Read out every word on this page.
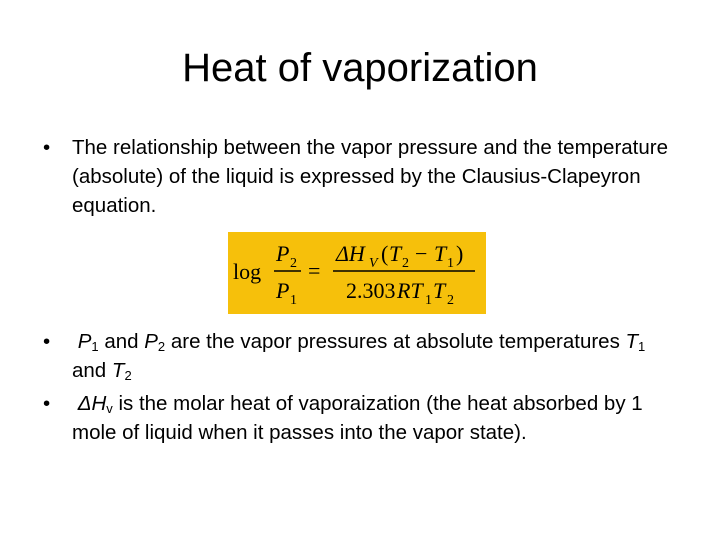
Heat of vaporization
•	The relationship between the vapor pressure and the temperature (absolute) of the liquid is expressed by the Clausius-Clapeyron equation.
log
P 2
P 1
=
ΔH V ( T 2 − T 1 )
2.303 RT 1 T 2
•	$P_1$ and $P_2$ are the vapor pressures at absolute temperatures $T_1$ and $T_2$
•	$\Delta H_v$ is the molar heat of vaporaization (the heat absorbed by 1 mole of liquid when it passes into the vapor state).
